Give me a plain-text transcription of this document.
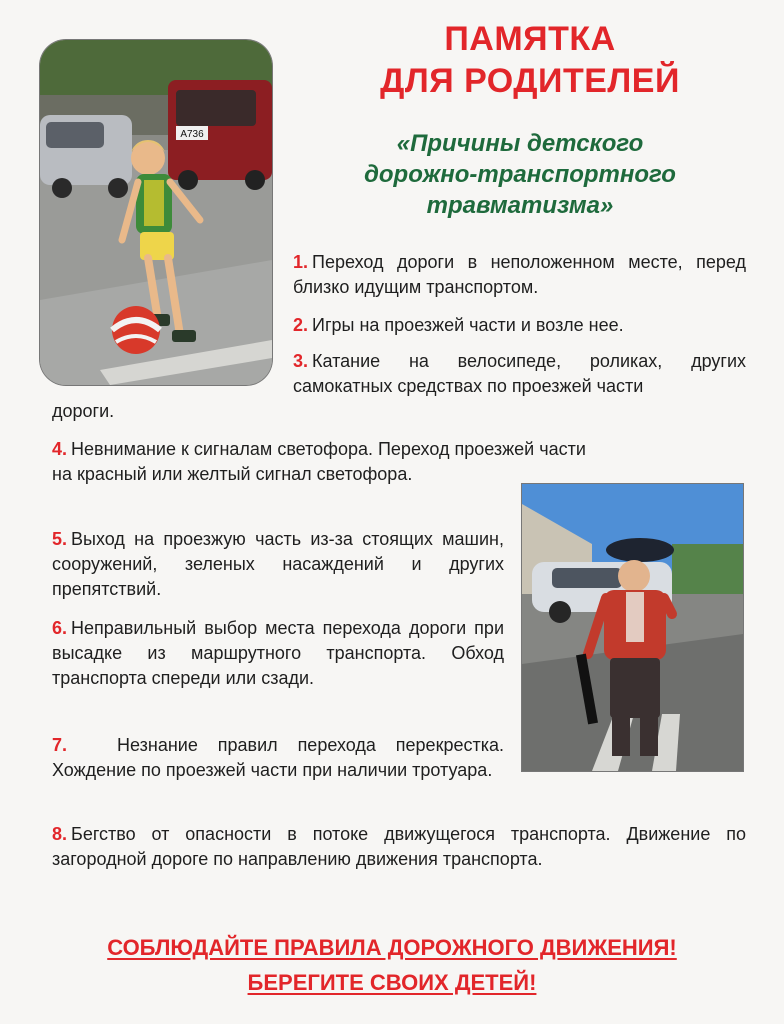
ПАМЯТКА
ДЛЯ РОДИТЕЛЕЙ
«Причины детского
дорожно-транспортного
травматизма»
А736
1. Переход дороги в неположенном месте, перед близко идущим транспортом.
2. Игры на проезжей части и возле нее.
3. Катание на велосипеде, роликах, других самокатных средствах по проезжей части
дороги.
4. Невнимание к сигналам светофора. Переход проезжей части
на красный или желтый сигнал светофора.
5. Выход на проезжую часть из-за стоящих машин, сооружений, зеленых насаждений и других препятствий.
6. Неправильный выбор места перехода дороги при высадке из маршрутного транспорта. Обход транспорта спереди или сзади.
7.	Незнание правил перехода перекрестка. Хождение по проезжей части при наличии тротуара.
8. Бегство от опасности в потоке движущегося транспорта. Движение по загородной дороге по направлению движения транспорта.
СОБЛЮДАЙТЕ ПРАВИЛА ДОРОЖНОГО ДВИЖЕНИЯ!
БЕРЕГИТЕ СВОИХ ДЕТЕЙ!
